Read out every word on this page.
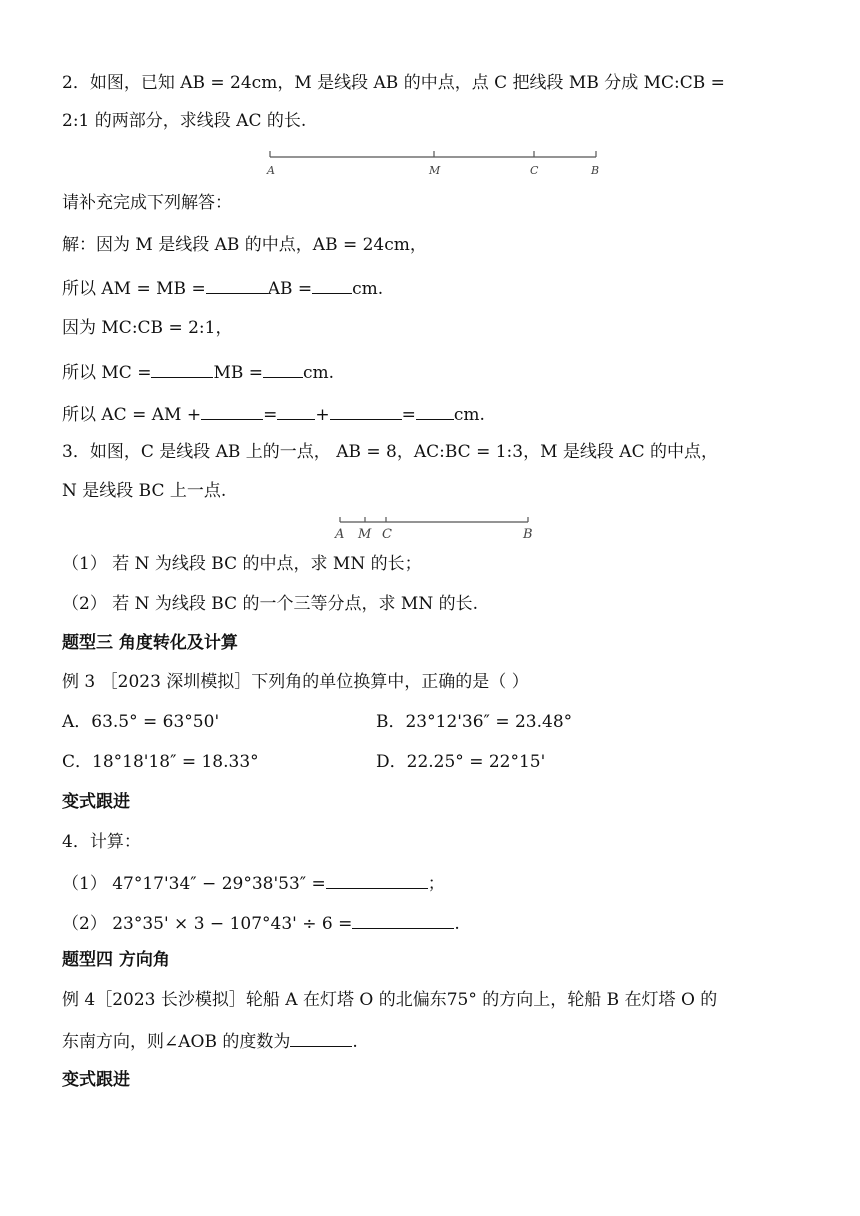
2．如图，已知 AB = 24cm，M 是线段 AB 的中点，点 C 把线段 MB 分成 MC:CB =
2:1 的两部分，求线段 AC 的长.
A	M	C	B
请补充完成下列解答：
解：因为 M 是线段 AB 的中点，AB = 24cm，
所以 AM = MB =	AB = cm.
因为 MC:CB = 2:1，
所以 MC =	MB = cm.
所以 AC = AM +	= +	= cm.
3．如图，C 是线段 AB 上的一点， AB = 8，AC:BC = 1:3，M 是线段 AC 的中点，
N 是线段 BC 上一点.
A M C	B
（1） 若 N 为线段 BC 的中点，求 MN 的长；
（2） 若 N 为线段 BC 的一个三等分点，求 MN 的长.
题型三 角度转化及计算
例 3 ［2023 深圳模拟］下列角的单位换算中，正确的是（ ）
A．63.5° = 63°50'	B．23°12'36″ = 23.48°
C．18°18'18″ = 18.33°	D．22.25° = 22°15'
变式跟进
4．计算：
（1） 47°17'34″ − 29°38'53″ =	；
（2） 23°35' × 3 − 107°43' ÷ 6 =	.
题型四 方向角
例 4［2023 长沙模拟］轮船 A 在灯塔 O 的北偏东75° 的方向上，轮船 B 在灯塔 O 的
东南方向，则∠AOB 的度数为	.
变式跟进
